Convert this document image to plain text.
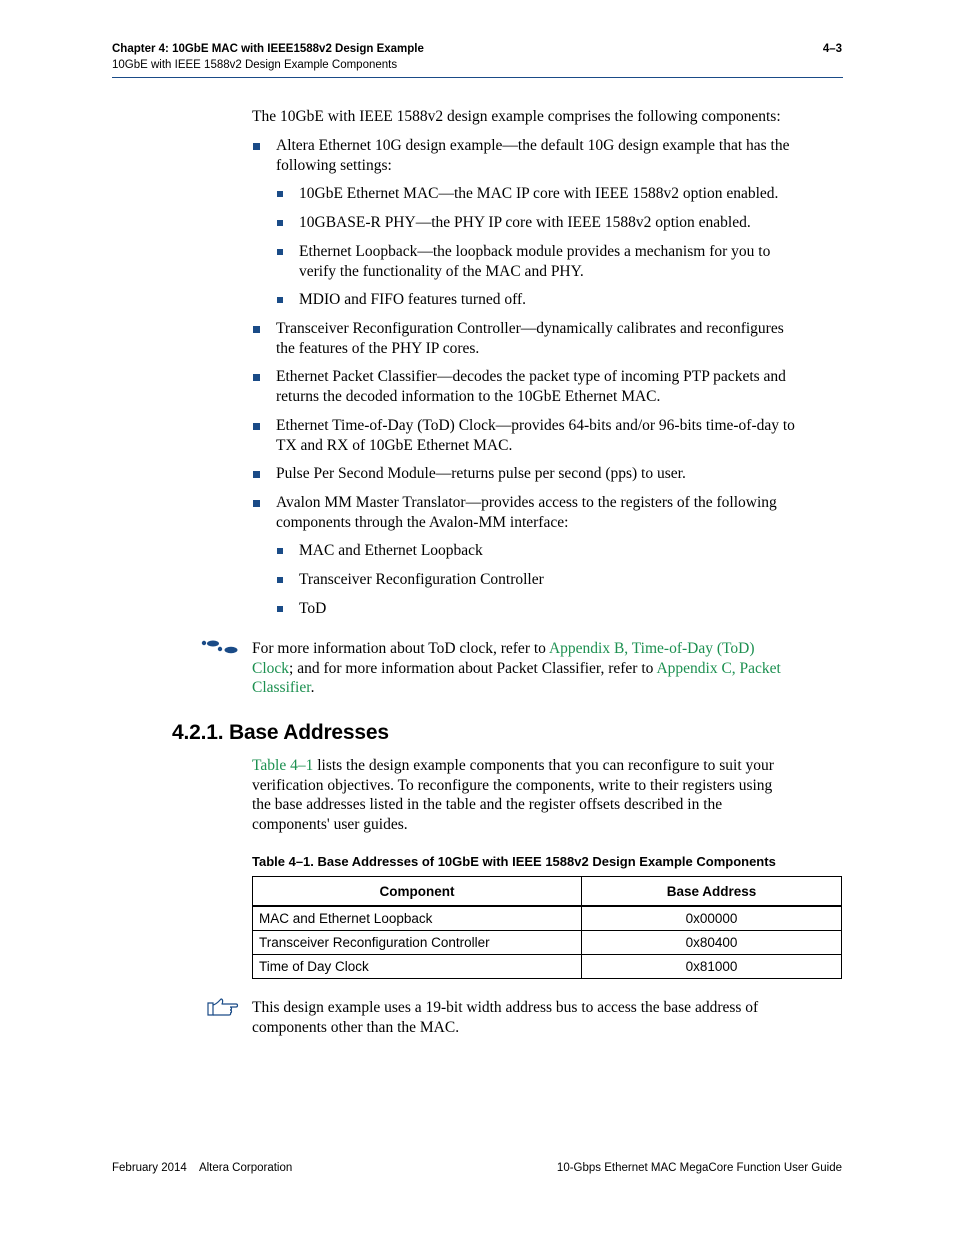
Chapter 4: 10GbE MAC with IEEE1588v2 Design Example
10GbE with IEEE 1588v2 Design Example Components
4–3
The 10GbE with IEEE 1588v2 design example comprises the following components:
Altera Ethernet 10G design example—the default 10G design example that has the
following settings:
10GbE Ethernet MAC—the MAC IP core with IEEE 1588v2 option enabled.
10GBASE-R PHY—the PHY IP core with IEEE 1588v2 option enabled.
Ethernet Loopback—the loopback module provides a mechanism for you to
verify the functionality of the MAC and PHY.
MDIO and FIFO features turned off.
Transceiver Reconfiguration Controller—dynamically calibrates and reconfigures
the features of the PHY IP cores.
Ethernet Packet Classifier—decodes the packet type of incoming PTP packets and
returns the decoded information to the 10GbE Ethernet MAC.
Ethernet Time-of-Day (ToD) Clock—provides 64-bits and/or 96-bits time-of-day to
TX and RX of 10GbE Ethernet MAC.
Pulse Per Second Module—returns pulse per second (pps) to user.
Avalon MM Master Translator—provides access to the registers of the following
components through the Avalon-MM interface:
MAC and Ethernet Loopback
Transceiver Reconfiguration Controller
ToD
For more information about ToD clock, refer to Appendix B, Time-of-Day (ToD)
Clock; and for more information about Packet Classifier, refer to Appendix C, Packet
Classifier.
4.2.1. Base Addresses
Table 4–1 lists the design example components that you can reconfigure to suit your
verification objectives. To reconfigure the components, write to their registers using
the base addresses listed in the table and the register offsets described in the
components' user guides.
Table 4–1. Base Addresses of 10GbE with IEEE 1588v2 Design Example Components
Component	Base Address
MAC and Ethernet Loopback	0x00000
Transceiver Reconfiguration Controller	0x80400
Time of Day Clock	0x81000
This design example uses a 19-bit width address bus to access the base address of
components other than the MAC.
February 2014    Altera Corporation	10-Gbps Ethernet MAC MegaCore Function User Guide
